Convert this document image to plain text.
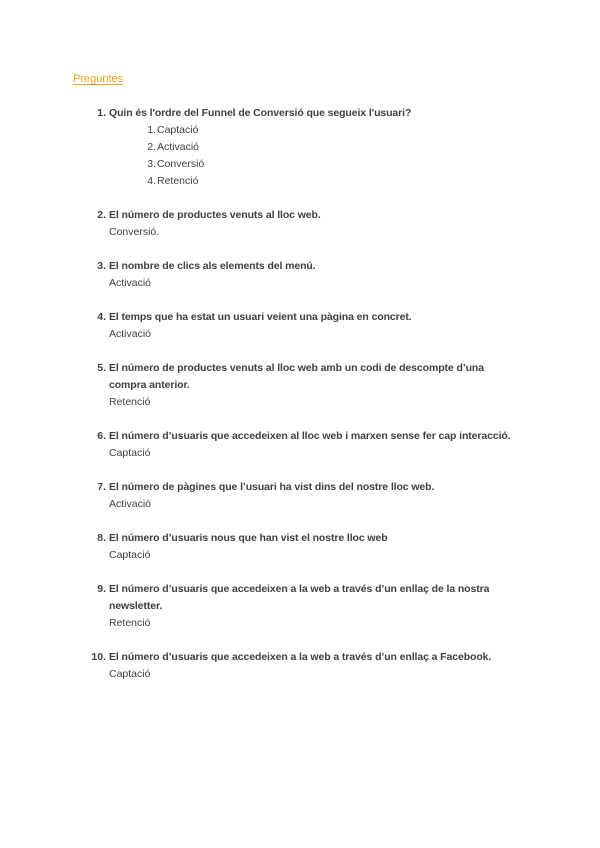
Preguntes
1. Quin és l'ordre del Funnel de Conversió que segueix l'usuari?
1. Captació
2. Activació
3. Conversió
4. Retenció
2. El número de productes venuts al lloc web.
Conversió.
3. El nombre de clics als elements del menú.
Activació
4. El temps que ha estat un usuari veient una pàgina en concret.
Activació
5. El número de productes venuts al lloc web amb un codi de descompte d’una compra anterior.
Retenció
6. El número d’usuaris que accedeixen al lloc web i marxen sense fer cap interacció.
Captació
7. El número de pàgines que l’usuari ha vist dins del nostre lloc web.
Activació
8. El número d’usuaris nous que han vist el nostre lloc web
Captació
9. El número d’usuaris que accedeixen a la web a través d’un enllaç de la nostra newsletter.
Retenció
10. El número d’usuaris que accedeixen a la web a través d’un enllaç a Facebook.
Captació
